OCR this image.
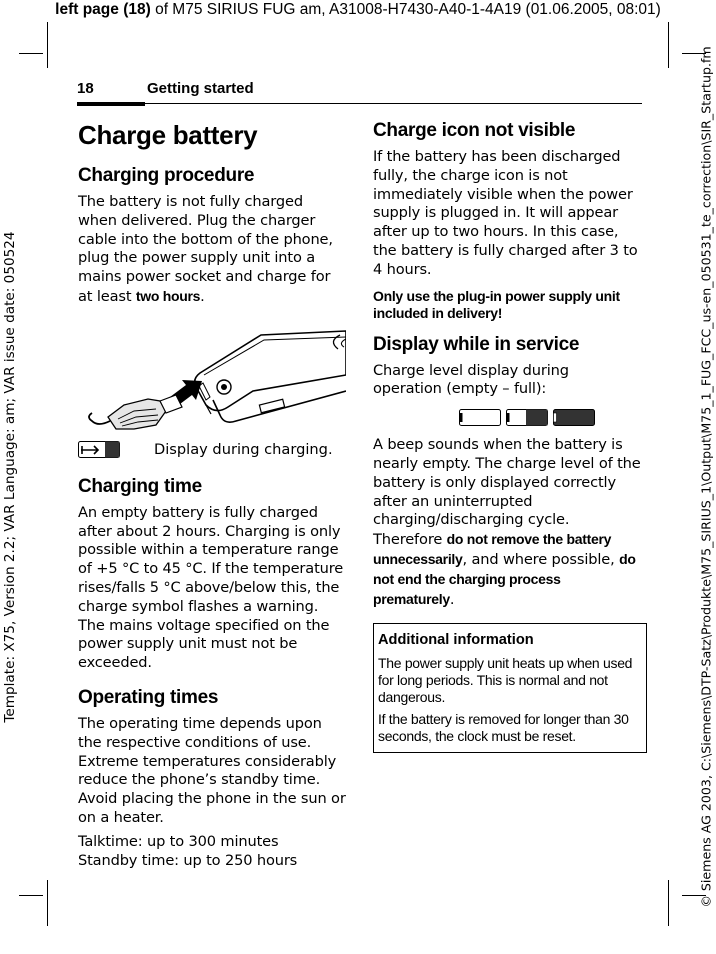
left page (18) of M75 SIRIUS FUG am, A31008-H7430-A40-1-4A19 (01.06.2005, 08:01)
Template: X75, Version 2.2; VAR Language: am; VAR issue date: 050524	© Siemens AG 2003, C:\Siemens\DTP-Satz\Produkte\M75_SIRIUS_1\Output\M75_1_FUG_FCC_us-en_050531_te_correction\SIR_Startup.fm
18	Getting started
Charge battery
Charging procedure

The battery is not fully charged when delivered. Plug the charger cable into the bottom of the phone, plug the power supply unit into a mains power socket and charge for at least two hours.

Display during charging.
Charging time

An empty battery is fully charged after about 2 hours. Charging is only possible within a temperature range of +5 °C to 45 °C. If the temperature rises/falls 5 °C above/below this, the charge symbol flashes a warning.

The mains voltage specified on the power supply unit must not be exceeded.

Operating times

The operating time depends upon the respective conditions of use. Extreme temperatures considerably reduce the phone’s standby time. Avoid placing the phone in the sun or on a heater.

Talktime: up to 300 minutes

Standby time: up to 250 hours

Charge icon not visible

If the battery has been discharged fully, the charge icon is not immediately visible when the power supply is plugged in. It will appear after up to two hours. In this case, the battery is fully charged after 3 to 4 hours.

Only use the plug-in power supply unit included in delivery!
Display while in service

Charge level display during operation (empty – full):

A beep sounds when the battery is nearly empty. The charge level of the battery is only displayed correctly after an uninterrupted charging/discharging cycle. Therefore do not remove the battery unnecessarily, and where possible, do not end the charging process prematurely.

Additional information
The power supply unit heats up when used for long periods. This is normal and not dangerous.
If the battery is removed for longer than 30 seconds, the clock must be reset.
